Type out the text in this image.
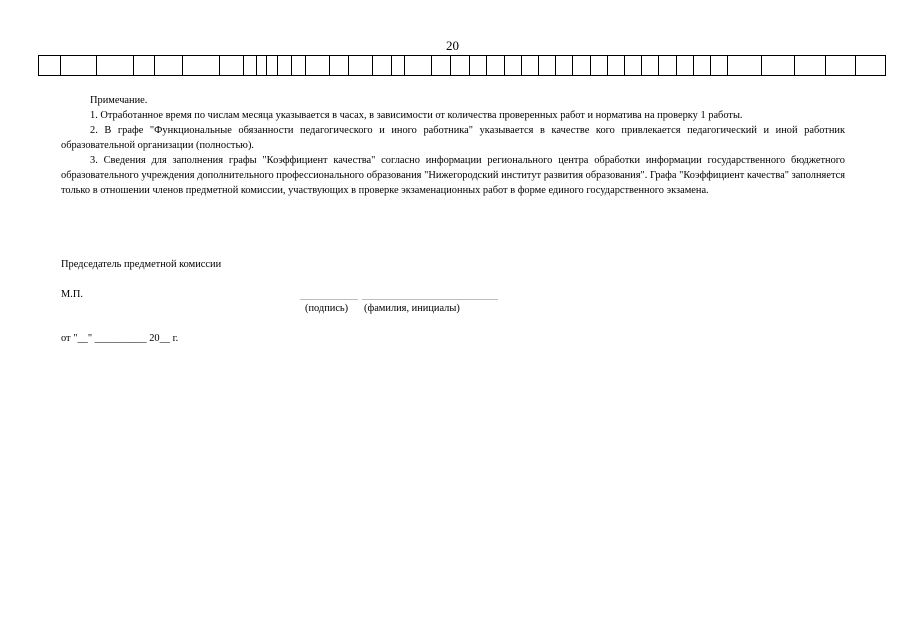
20

Примечание.

1. Отработанное время по числам месяца указывается в часах, в зависимости от количества проверенных работ и норматива на проверку 1 работы.

2. В графе "Функциональные обязанности педагогического и иного работника" указывается в качестве кого привлекается педагогический и иной работник образовательной организации (полностью).

3. Сведения для заполнения графы "Коэффициент качества" согласно информации регионального центра обработки информации государственного бюджетного образовательного учреждения дополнительного профессионального образования "Нижегородский институт развития образования". Графа "Коэффициент качества" заполняется только в отношении членов предметной комиссии, участвующих в проверке экзаменационных работ в форме единого государственного экзамена.

Председатель предметной комиссии
М.П.
(подпись) (фамилия, инициалы)
от "__" __________ 20__ г.
